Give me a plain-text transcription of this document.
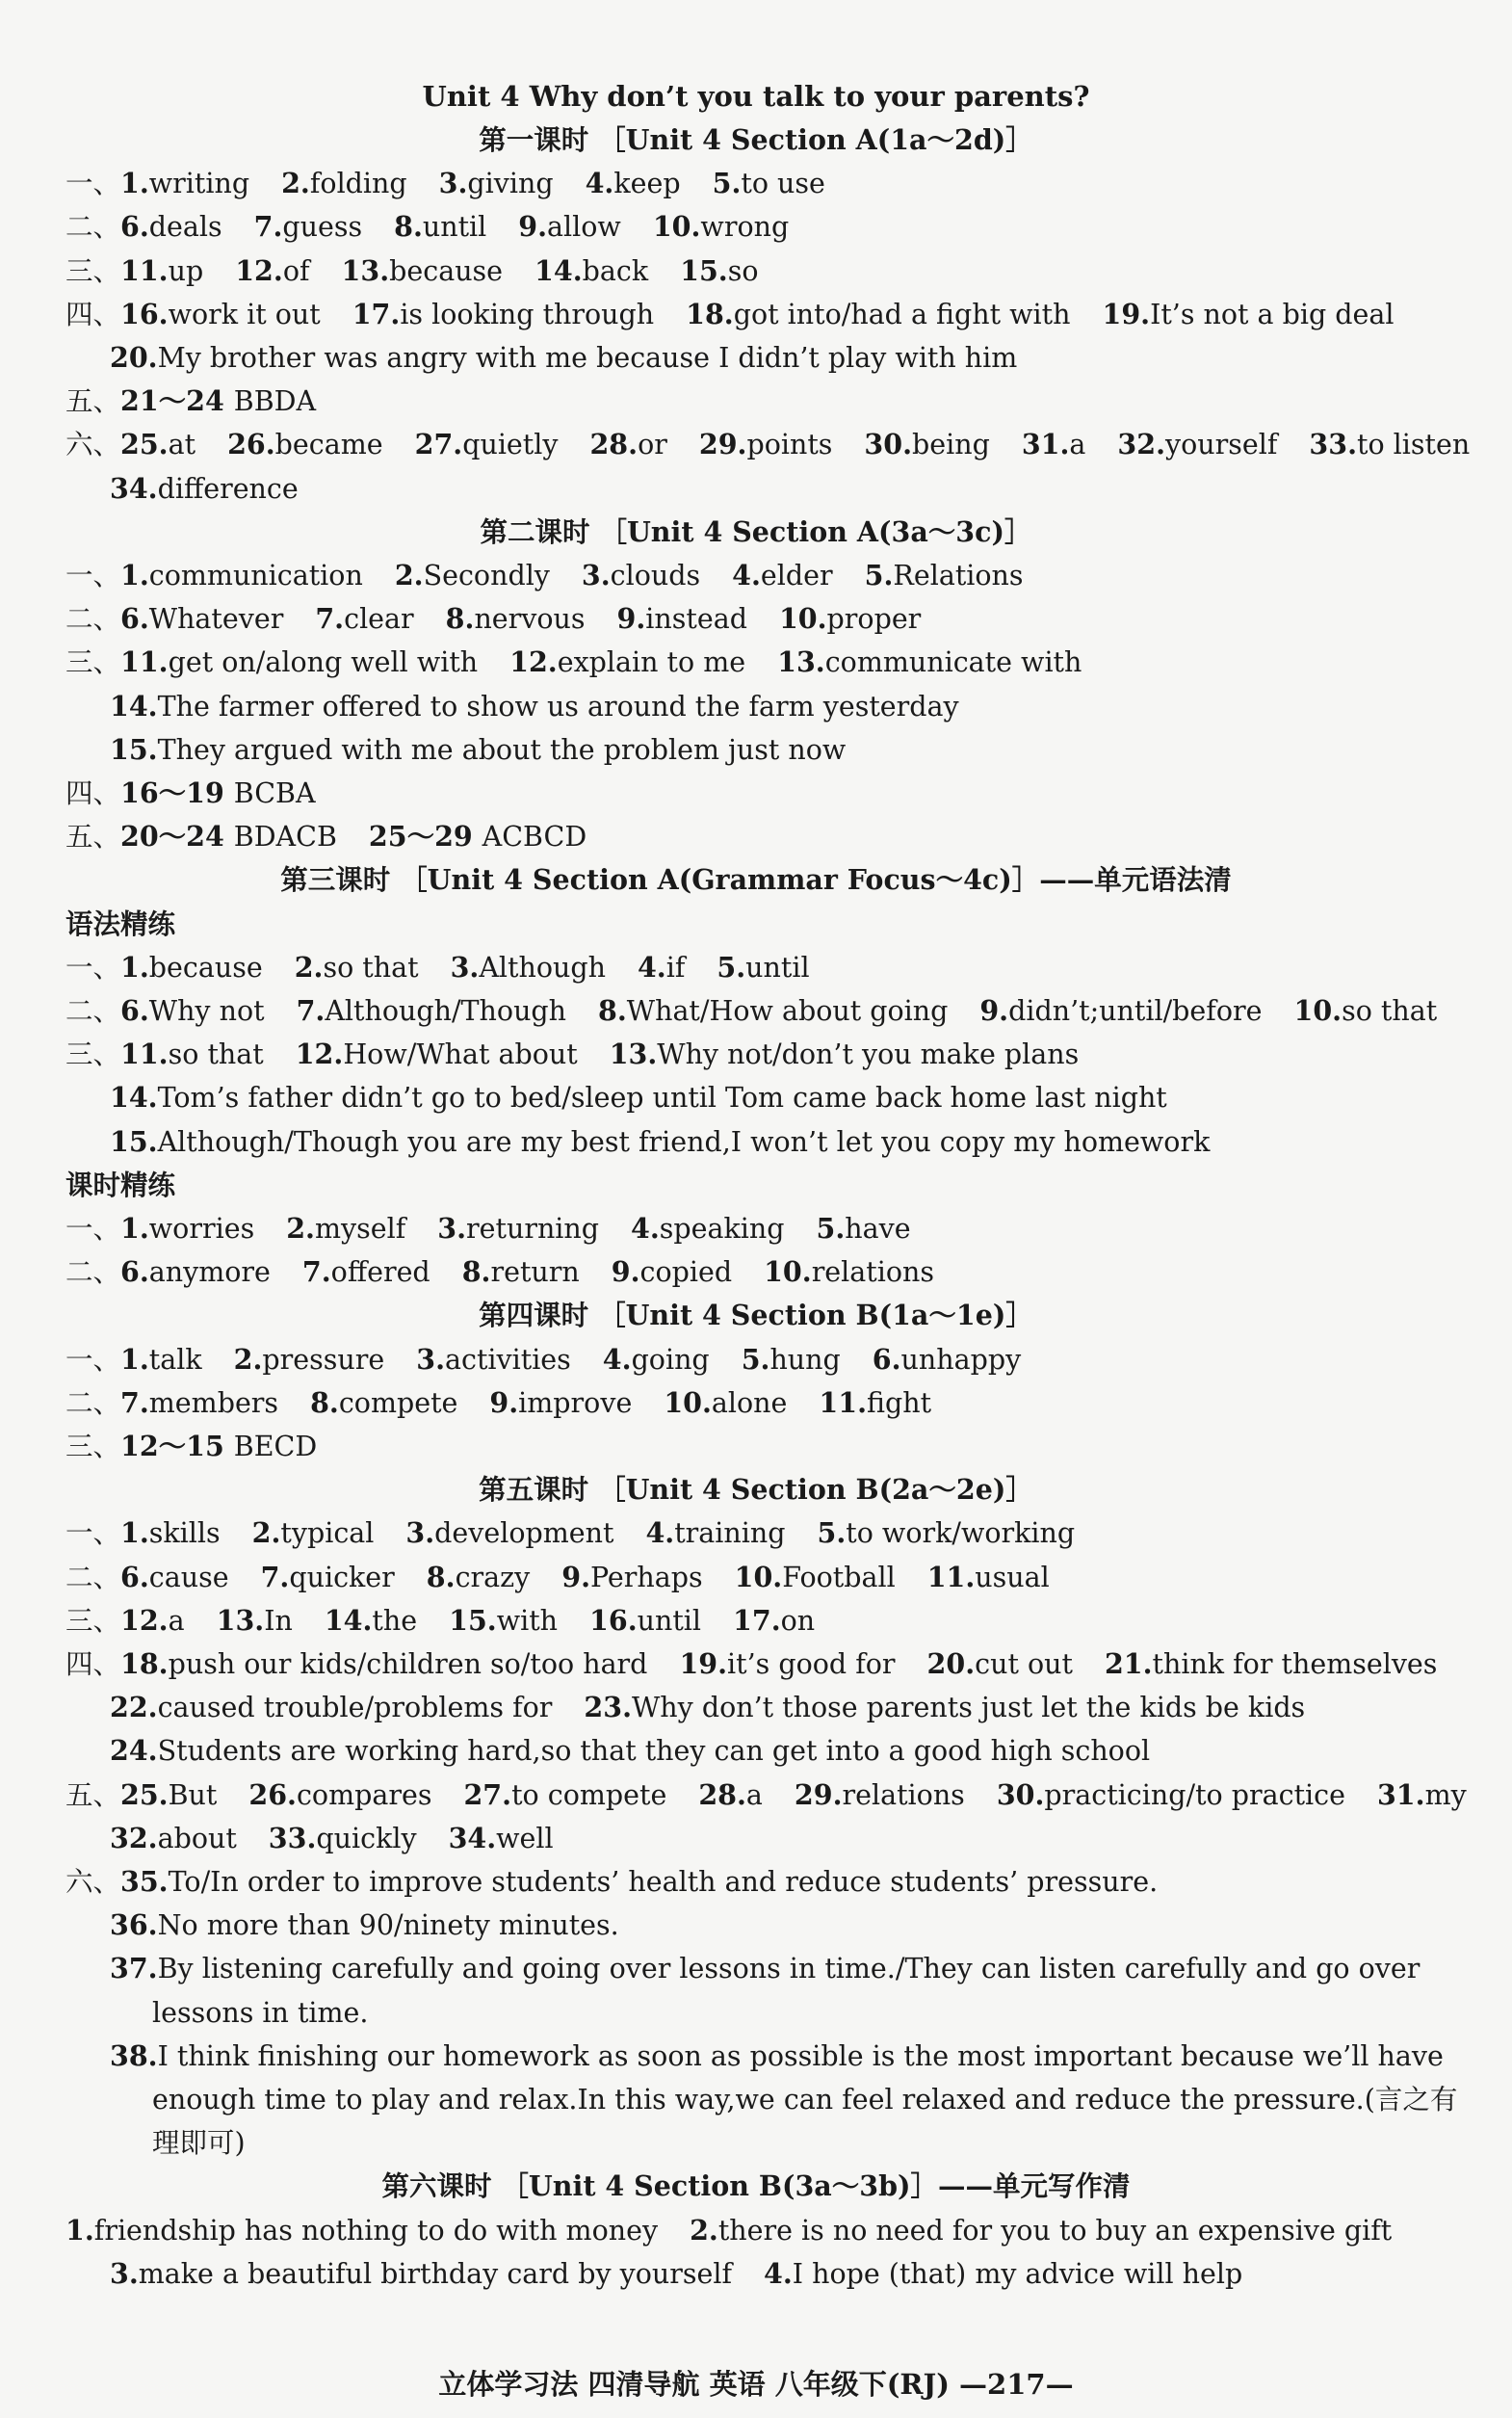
Unit 4 Why don’t you talk to your parents?
第一课时 ［Unit 4 Section A(1a～2d)］
一、1.writing 2.folding 3.giving 4.keep 5.to use
二、6.deals 7.guess 8.until 9.allow 10.wrong
三、11.up 12.of 13.because 14.back 15.so
四、16.work it out 17.is looking through 18.got into/had a fight with 19.It’s not a big deal
20.My brother was angry with me because I didn’t play with him
五、21～24 BBDA
六、25.at 26.became 27.quietly 28.or 29.points 30.being 31.a 32.yourself 33.to listen
34.difference
第二课时 ［Unit 4 Section A(3a～3c)］
一、1.communication 2.Secondly 3.clouds 4.elder 5.Relations
二、6.Whatever 7.clear 8.nervous 9.instead 10.proper
三、11.get on/along well with 12.explain to me 13.communicate with
14.The farmer offered to show us around the farm yesterday
15.They argued with me about the problem just now
四、16～19 BCBA
五、20～24 BDACB 25～29 ACBCD
第三课时 ［Unit 4 Section A(Grammar Focus～4c)］——单元语法清
语法精练
一、1.because 2.so that 3.Although 4.if 5.until
二、6.Why not 7.Although/Though 8.What/How about going 9.didn’t;until/before 10.so that
三、11.so that 12.How/What about 13.Why not/don’t you make plans
14.Tom’s father didn’t go to bed/sleep until Tom came back home last night
15.Although/Though you are my best friend,I won’t let you copy my homework
课时精练
一、1.worries 2.myself 3.returning 4.speaking 5.have
二、6.anymore 7.offered 8.return 9.copied 10.relations
第四课时 ［Unit 4 Section B(1a～1e)］
一、1.talk 2.pressure 3.activities 4.going 5.hung 6.unhappy
二、7.members 8.compete 9.improve 10.alone 11.fight
三、12～15 BECD
第五课时 ［Unit 4 Section B(2a～2e)］
一、1.skills 2.typical 3.development 4.training 5.to work/working
二、6.cause 7.quicker 8.crazy 9.Perhaps 10.Football 11.usual
三、12.a 13.In 14.the 15.with 16.until 17.on
四、18.push our kids/children so/too hard 19.it’s good for 20.cut out 21.think for themselves
22.caused trouble/problems for 23.Why don’t those parents just let the kids be kids
24.Students are working hard,so that they can get into a good high school
五、25.But 26.compares 27.to compete 28.a 29.relations 30.practicing/to practice 31.my
32.about 33.quickly 34.well
六、35.To/In order to improve students’ health and reduce students’ pressure.
36.No more than 90/ninety minutes.
37.By listening carefully and going over lessons in time./They can listen carefully and go over
lessons in time.
38.I think finishing our homework as soon as possible is the most important because we’ll have
enough time to play and relax.In this way,we can feel relaxed and reduce the pressure.(言之有
理即可)
第六课时 ［Unit 4 Section B(3a～3b)］——单元写作清
1.friendship has nothing to do with money 2.there is no need for you to buy an expensive gift
3.make a beautiful birthday card by yourself 4.I hope (that) my advice will help
立体学习法 四清导航 英语 八年级下(RJ) —217—
